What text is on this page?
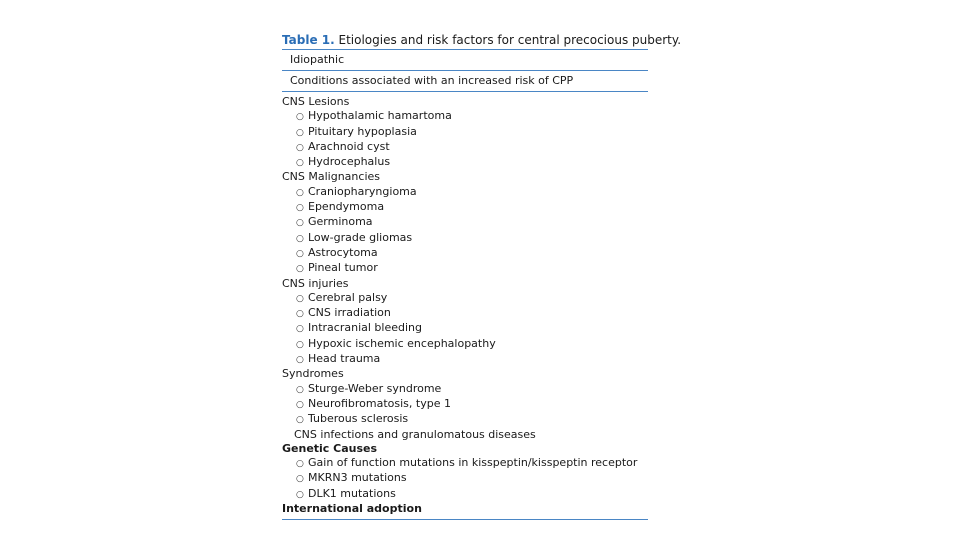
Table 1. Etiologies and risk factors for central precocious puberty.
Idiopathic
Conditions associated with an increased risk of CPP
CNS Lesions
○ Hypothalamic hamartoma
○ Pituitary hypoplasia
○ Arachnoid cyst
○ Hydrocephalus
CNS Malignancies
○ Craniopharyngioma
○ Ependymoma
○ Germinoma
○ Low-grade gliomas
○ Astrocytoma
○ Pineal tumor
CNS injuries
○ Cerebral palsy
○ CNS irradiation
○ Intracranial bleeding
○ Hypoxic ischemic encephalopathy
○ Head trauma
Syndromes
○ Sturge-Weber syndrome
○ Neurofibromatosis, type 1
○ Tuberous sclerosis
CNS infections and granulomatous diseases
Genetic Causes
○ Gain of function mutations in kisspeptin/kisspeptin receptor
○ MKRN3 mutations
○ DLK1 mutations
International adoption
